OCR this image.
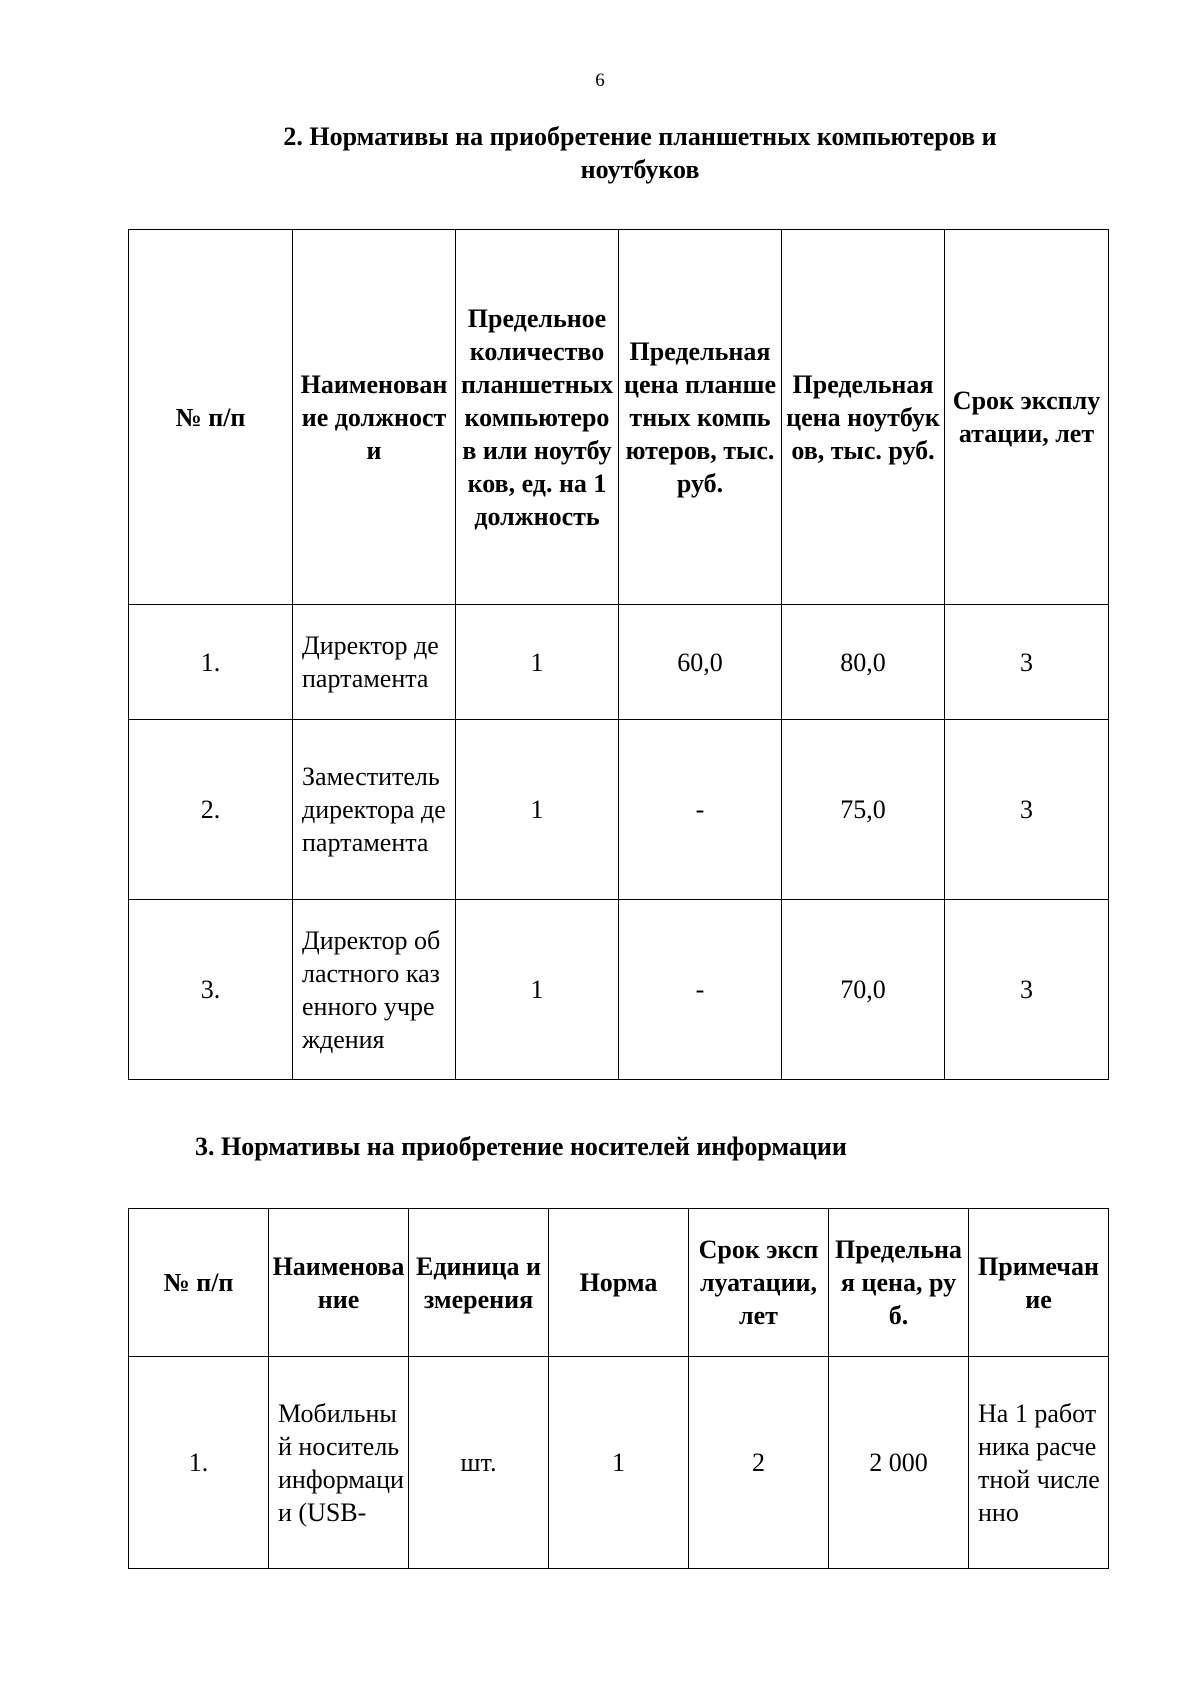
6
2. Нормативы на приобретение планшетных компьютеров и
ноутбуков
№ п/п	Наименование должности	Предельное количество планшетных компьютеров или ноутбуков, ед. на 1 должность	Предельная цена планшетных компьютеров, тыс. руб.	Предельная цена ноутбуков, тыс. руб.	Срок эксплуатации, лет
1.	Директор департамента	1	60,0	80,0	3
2.	Заместитель директора департамента	1	-	75,0	3
3.	Директор областного казенного учреждения	1	-	70,0	3
3. Нормативы на приобретение носителей информации
№ п/п	Наименование	Единица измерения	Норма	Срок эксплуатации, лет	Предельная цена, руб.	Примечание
1.	Мобильный носитель информации (USB-	шт.	1	2	2 000	На 1 работника расчетной численно
